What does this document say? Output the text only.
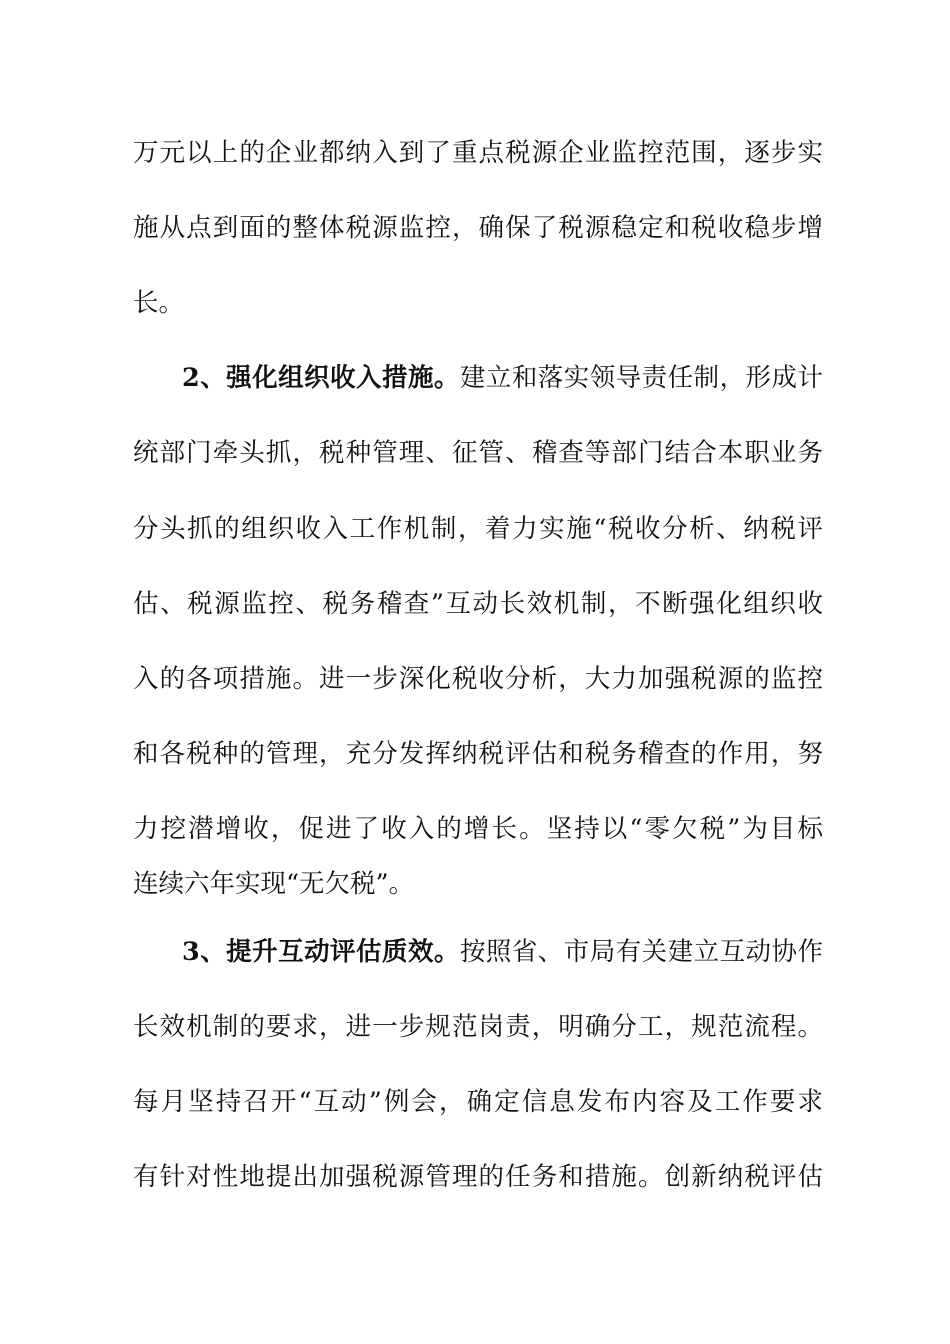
万元以上的企业都纳入到了重点税源企业监控范围，逐步实
施从点到面的整体税源监控，确保了税源稳定和税收稳步增
长。
2、强化组织收入措施。建立和落实领导责任制，形成计
统部门牵头抓，税种管理、征管、稽查等部门结合本职业务
分头抓的组织收入工作机制，着力实施“税收分析、纳税评
估、税源监控、税务稽查”互动长效机制，不断强化组织收
入的各项措施。进一步深化税收分析，大力加强税源的监控
和各税种的管理，充分发挥纳税评估和税务稽查的作用，努
力挖潜增收，促进了收入的增长。坚持以“零欠税”为目标
连续六年实现“无欠税”。
3、提升互动评估质效。按照省、市局有关建立互动协作
长效机制的要求，进一步规范岗责，明确分工，规范流程。
每月坚持召开“互动”例会，确定信息发布内容及工作要求
有针对性地提出加强税源管理的任务和措施。创新纳税评估
